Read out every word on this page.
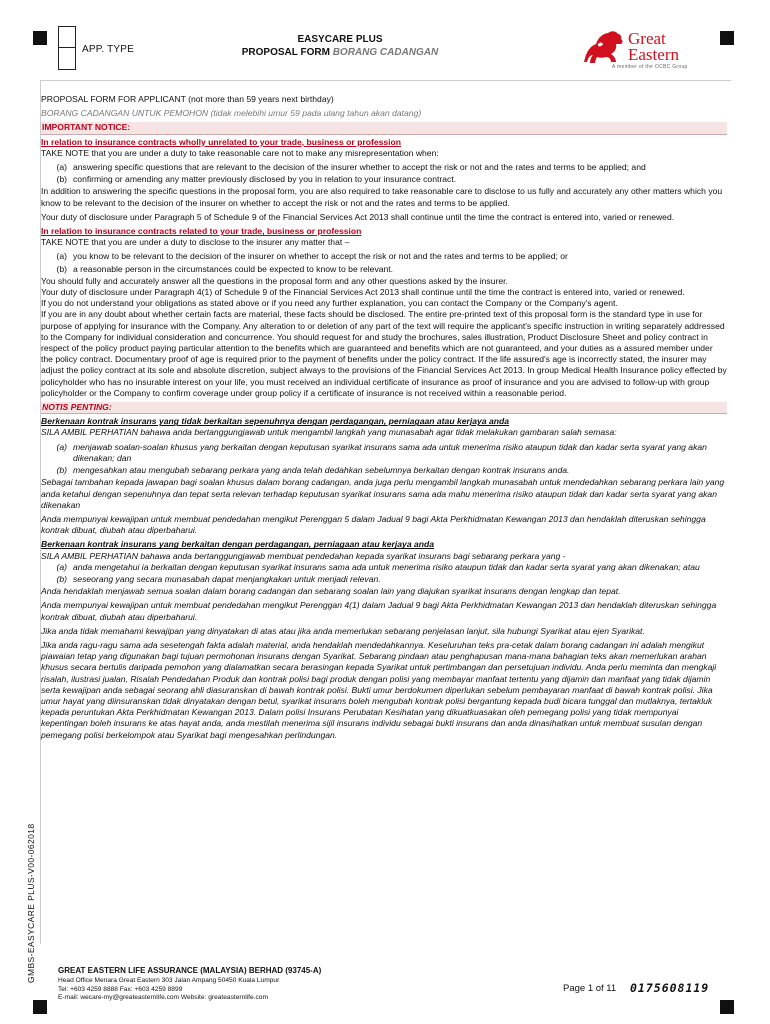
APP. TYPE
EASYCARE PLUS
PROPOSAL FORM BORANG CADANGAN
Great
Eastern
A member of the OCBC Group
GMBS-EASYCARE PLUS-V00-062018

PROPOSAL FORM FOR APPLICANT (not more than 59 years next birthday)

BORANG CADANGAN UNTUK PEMOHON (tidak melebihi umur 59 pada ulang tahun akan datang)

IMPORTANT NOTICE:
In relation to insurance contracts wholly unrelated to your trade, business or profession

TAKE NOTE that you are under a duty to take reasonable care not to make any misrepresentation when:

(a) answering specific questions that are relevant to the decision of the insurer whether to accept the risk or not and the rates and terms to be applied; and
(b) confirming or amending any matter previously disclosed by you in relation to your insurance contract.

In addition to answering the specific questions in the proposal form, you are also required to take reasonable care to disclose to us fully and accurately any other matters which you know to be relevant to the decision of the insurer on whether to accept the risk or not and the rates and terms to be applied.

Your duty of disclosure under Paragraph 5 of Schedule 9 of the Financial Services Act 2013 shall continue until the time the contract is entered into, varied or renewed.

In relation to insurance contracts related to your trade, business or profession

TAKE NOTE that you are under a duty to disclose to the insurer any matter that –

(a) you know to be relevant to the decision of the insurer on whether to accept the risk or not and the rates and terms to be applied; or
(b) a reasonable person in the circumstances could be expected to know to be relevant.

You should fully and accurately answer all the questions in the proposal form and any other questions asked by the insurer.

Your duty of disclosure under Paragraph 4(1) of Schedule 9 of the Financial Services Act 2013 shall continue until the time the contract is entered into, varied or renewed.

If you do not understand your obligations as stated above or if you need any further explanation, you can contact the Company or the Company's agent.

If you are in any doubt about whether certain facts are material, these facts should be disclosed. The entire pre-printed text of this proposal form is the standard type in use for purpose of applying for insurance with the Company. Any alteration to or deletion of any part of the text will require the applicant's specific instruction in writing separately addressed to the Company for individual consideration and concurrence. You should request for and study the brochures, sales illustration, Product Disclosure Sheet and policy contract in respect of the policy product paying particular attention to the benefits which are guaranteed and benefits which are not guaranteed, and your duties as a assured member under the policy contract. Documentary proof of age is required prior to the payment of benefits under the policy contract. If the life assured's age is incorrectly stated, the insurer may adjust the policy contract at its sole and absolute discretion, subject always to the provisions of the Financial Services Act 2013. In group Medical Health Insurance policy effected by policyholder who has no insurable interest on your life, you must received an individual certificate of insurance as proof of insurance and you are advised to follow-up with group policyholder or the Company to confirm coverage under group policy if a certificate of insurance is not received within a reasonable period.

NOTIS PENTING:
Berkenaan kontrak insurans yang tidak berkaitan sepenuhnya dengan perdagangan, perniagaan atau kerjaya anda

SILA AMBIL PERHATIAN bahawa anda bertanggungjawab untuk mengambil langkah yang munasabah agar tidak melakukan gambaran salah semasa:

(a) menjawab soalan-soalan khusus yang berkaitan dengan keputusan syarikat insurans sama ada untuk menerima risiko ataupun tidak dan kadar serta syarat yang akan dikenakan; dan
(b) mengesahkan atau mengubah sebarang perkara yang anda telah dedahkan sebelumnya berkaitan dengan kontrak insurans anda.

Sebagai tambahan kepada jawapan bagi soalan khusus dalam borang cadangan, anda juga perlu mengambil langkah munasabah untuk mendedahkan sebarang perkara lain yang anda ketahui dengan sepenuhnya dan tepat serta relevan terhadap keputusan syarikat insurans sama ada mahu menerima risiko ataupun tidak dan kadar serta syarat yang akan dikenakan

Anda mempunyai kewajipan untuk membuat pendedahan mengikut Perenggan 5 dalam Jadual 9 bagi Akta Perkhidmatan Kewangan 2013 dan hendaklah diteruskan sehingga kontrak dibuat, diubah atau diperbaharui.

Berkenaan kontrak insurans yang berkaitan dengan perdagangan, perniagaan atau kerjaya anda

SILA AMBIL PERHATIAN bahawa anda bertanggungjawab membuat pendedahan kepada syarikat insurans bagi sebarang perkara yang -

(a) anda mengetahui ia berkaitan dengan keputusan syarikat insurans sama ada untuk menerima risiko ataupun tidak dan kadar serta syarat yang akan dikenakan; atau
(b) seseorang yang secara munasabah dapat menjangkakan untuk menjadi relevan.

Anda hendaklah menjawab semua soalan dalam borang cadangan dan sebarang soalan lain yang diajukan syarikat insurans dengan lengkap dan tepat.

Anda mempunyai kewajipan untuk membuat pendedahan mengikut Perenggan 4(1) dalam Jadual 9 bagi Akta Perkhidmatan Kewangan 2013 dan hendaklah diteruskan sehingga kontrak dibuat, diubah atau diperbaharui.

Jika anda tidak memahami kewajipan yang dinyatakan di atas atau jika anda memerlukan sebarang penjelasan lanjut, sila hubungi Syarikat atau ejen Syarikat.

Jika anda ragu-ragu sama ada sesetengah fakta adalah material, anda hendaklah mendedahkannya. Keseluruhan teks pra-cetak dalam borang cadangan ini adalah mengikut piawaian tetap yang digunakan bagi tujuan permohonan insurans dengan Syarikat. Sebarang pindaan atau penghapusan mana-mana bahagian teks akan memerlukan arahan khusus secara bertulis daripada pemohon yang dialamatkan secara berasingan kepada Syarikat untuk pertimbangan dan persetujuan individu. Anda perlu meminta dan mengkaji risalah, ilustrasi jualan, Risalah Pendedahan Produk dan kontrak polisi bagi produk dengan polisi yang membayar manfaat tertentu yang dijamin dan manfaat yang tidak dijamin serta kewajipan anda sebagai seorang ahli diasuranskan di bawah kontrak polisi. Bukti umur berdokumen diperlukan sebelum pembayaran manfaat di bawah kontrak polisi. Jika umur hayat yang diinsuranskan tidak dinyatakan dengan betul, syarikat insurans boleh mengubah kontrak polisi bergantung kepada budi bicara tunggal dan mutlaknya, tertakluk kepada peruntukan Akta Perkhidmatan Kewangan 2013. Dalam polisi Insurans Perubatan Kesihatan yang dikuatkuasakan oleh pemegang polisi yang tidak mempunyai kepentingan boleh insurans ke atas hayat anda, anda mestilah menerima sijil insurans individu sebagai bukti insurans dan anda dinasihatkan untuk membuat susulan dengan pemegang polisi berkelompok atau Syarikat bagi mengesahkan perlindungan.

GREAT EASTERN LIFE ASSURANCE (MALAYSIA) BERHAD (93745-A)
Head Office Menara Great Eastern 303 Jalan Ampang 50450 Kuala Lumpur
Tel: +603 4259 8888 Fax: +603 4259 8899
E-mail: wecare-my@greateasternlife.com Website: greateasternlife.com
Page 1 of 11 0175608119
